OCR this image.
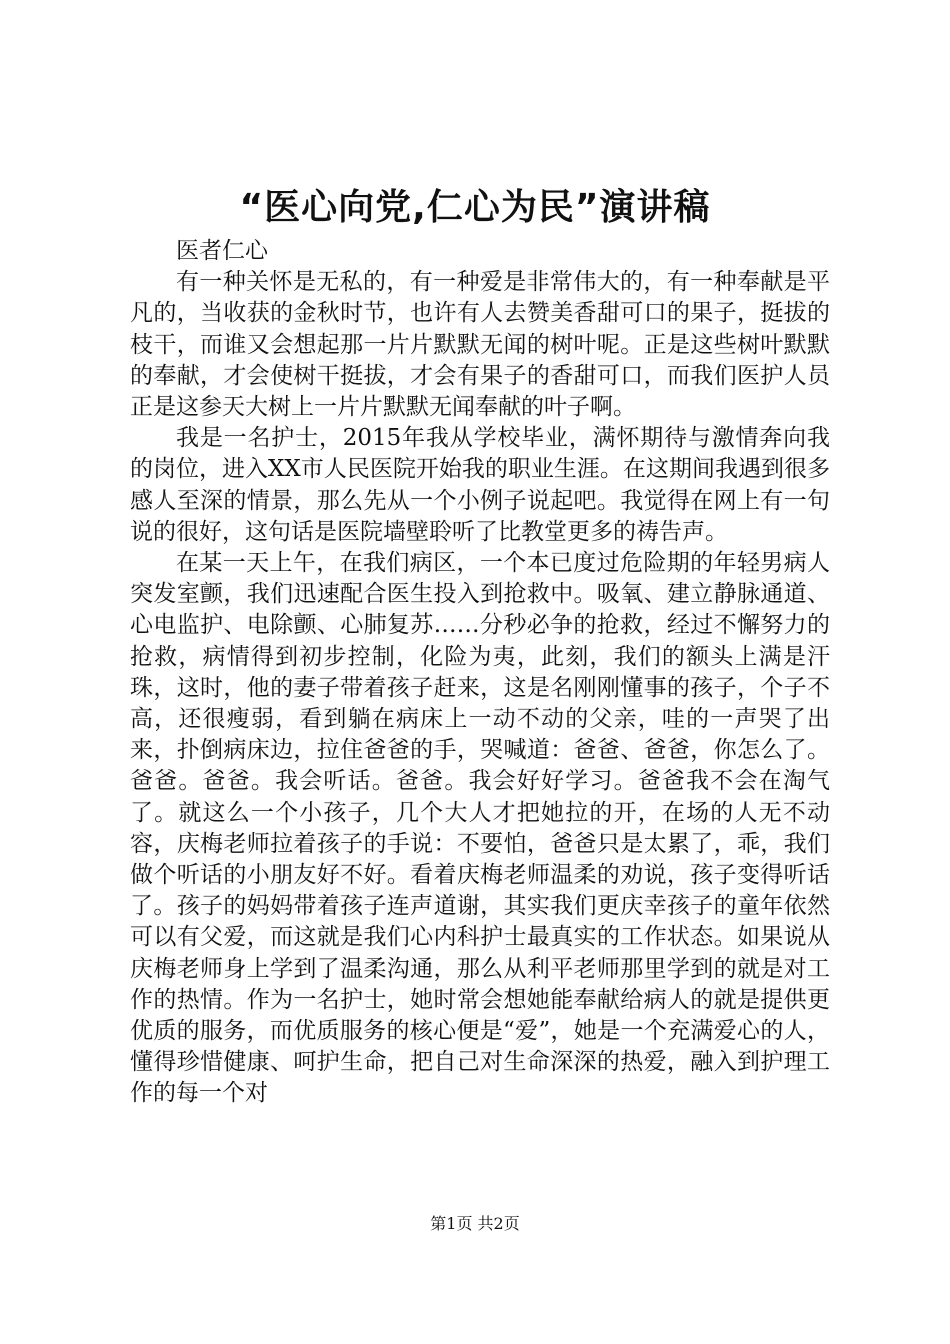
“医心向党,仁心为民”演讲稿

医者仁心

有一种关怀是无私的，有一种爱是非常伟大的，有一种奉献是平凡的，当收获的金秋时节，也许有人去赞美香甜可口的果子，挺拔的枝干，而谁又会想起那一片片默默无闻的树叶呢。正是这些树叶默默的奉献，才会使树干挺拔，才会有果子的香甜可口，而我们医护人员正是这参天大树上一片片默默无闻奉献的叶子啊。

我是一名护士，2015年我从学校毕业，满怀期待与激情奔向我的岗位，进入XX市人民医院开始我的职业生涯。在这期间我遇到很多感人至深的情景，那么先从一个小例子说起吧。我觉得在网上有一句说的很好，这句话是医院墙壁聆听了比教堂更多的祷告声。

在某一天上午，在我们病区，一个本已度过危险期的年轻男病人突发室颤，我们迅速配合医生投入到抢救中。吸氧、建立静脉通道、心电监护、电除颤、心肺复苏……分秒必争的抢救，经过不懈努力的抢救，病情得到初步控制，化险为夷，此刻，我们的额头上满是汗珠，这时，他的妻子带着孩子赶来，这是名刚刚懂事的孩子，个子不高，还很瘦弱，看到躺在病床上一动不动的父亲，哇的一声哭了出来，扑倒病床边，拉住爸爸的手，哭喊道：爸爸、爸爸，你怎么了。爸爸。爸爸。我会听话。爸爸。我会好好学习。爸爸我不会在淘气了。就这么一个小孩子，几个大人才把她拉的开，在场的人无不动容，庆梅老师拉着孩子的手说：不要怕，爸爸只是太累了，乖，我们做个听话的小朋友好不好。看着庆梅老师温柔的劝说，孩子变得听话了。孩子的妈妈带着孩子连声道谢，其实我们更庆幸孩子的童年依然可以有父爱，而这就是我们心内科护士最真实的工作状态。如果说从庆梅老师身上学到了温柔沟通，那么从利平老师那里学到的就是对工作的热情。作为一名护士，她时常会想她能奉献给病人的就是提供更优质的服务，而优质服务的核心便是“爱”，她是一个充满爱心的人，懂得珍惜健康、呵护生命，把自己对生命深深的热爱，融入到护理工作的每一个对

第1页 共2页
